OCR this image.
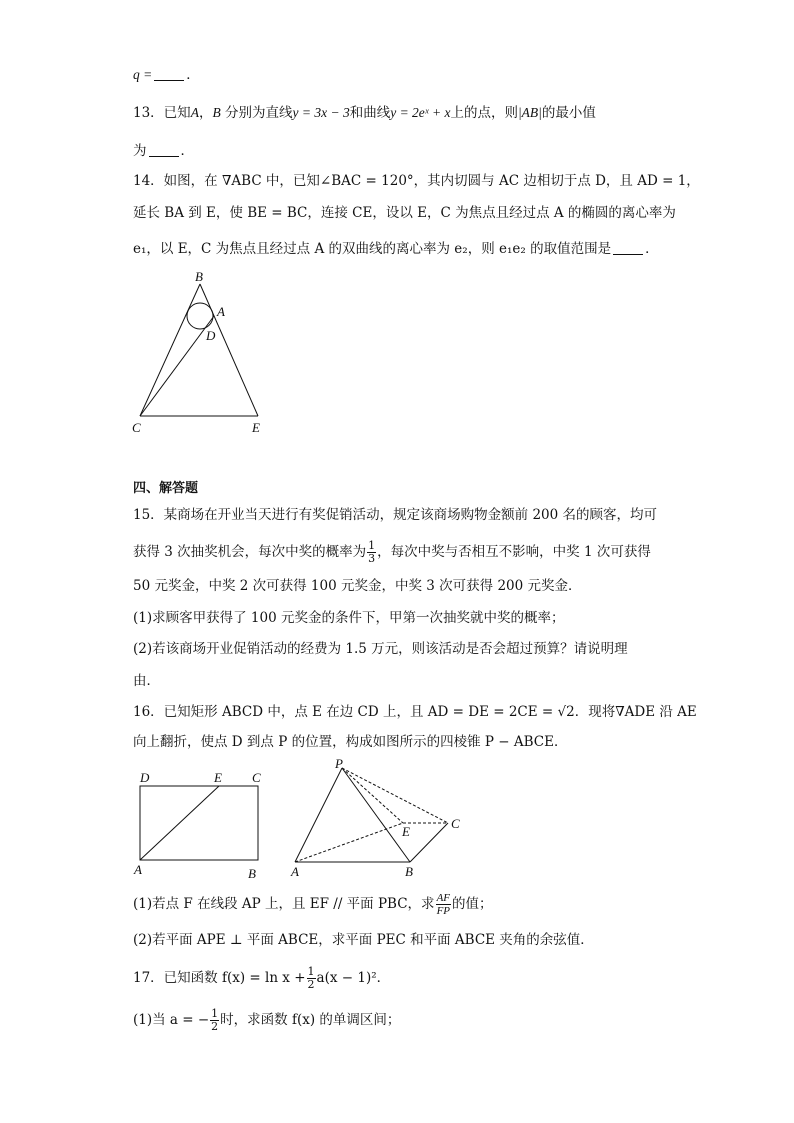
q =	．
13．已知A，B 分别为直线y = 3x − 3和曲线y = 2eˣ + x上的点，则|AB|的最小值
为	．
14．如图，在 ∇ABC 中，已知∠BAC = 120°，其内切圆与 AC 边相切于点 D，且 AD = 1，
延长 BA 到 E，使 BE = BC，连接 CE，设以 E，C 为焦点且经过点 A 的椭圆的离心率为
e₁，以 E，C 为焦点且经过点 A 的双曲线的离心率为 e₂，则 e₁e₂ 的取值范围是	．
B
A
D
C	E
四、解答题
15．某商场在开业当天进行有奖促销活动，规定该商场购物金额前 200 名的顾客，均可
获得 3 次抽奖机会，每次中奖的概率为 $\frac{1}{3}$ ，每次中奖与否相互不影响，中奖 1 次可获得
50 元奖金，中奖 2 次可获得 100 元奖金，中奖 3 次可获得 200 元奖金．
(1)求顾客甲获得了 100 元奖金的条件下，甲第一次抽奖就中奖的概率；
(2)若该商场开业促销活动的经费为 1.5 万元，则该活动是否会超过预算？请说明理
由．
16．已知矩形 ABCD 中，点 E 在边 CD 上，且 AD = DE = 2CE = √2．现将∇ADE 沿 AE
向上翻折，使点 D 到点 P 的位置，构成如图所示的四棱锥 P − ABCE．
D	E C
A	B
P
E
C
A	B
(1)若点 F 在线段 AP 上，且 EF // 平面 PBC，求 $\frac{AF}{FP}$ 的值；
(2)若平面 APE ⊥ 平面 ABCE，求平面 PEC 和平面 ABCE 夹角的余弦值．
17．已知函数 $f(x) = \ln x + \frac{1}{2} a(x - 1)^2$．
(1)当 a = − $\frac{1}{2}$ 时，求函数 f(x) 的单调区间；
